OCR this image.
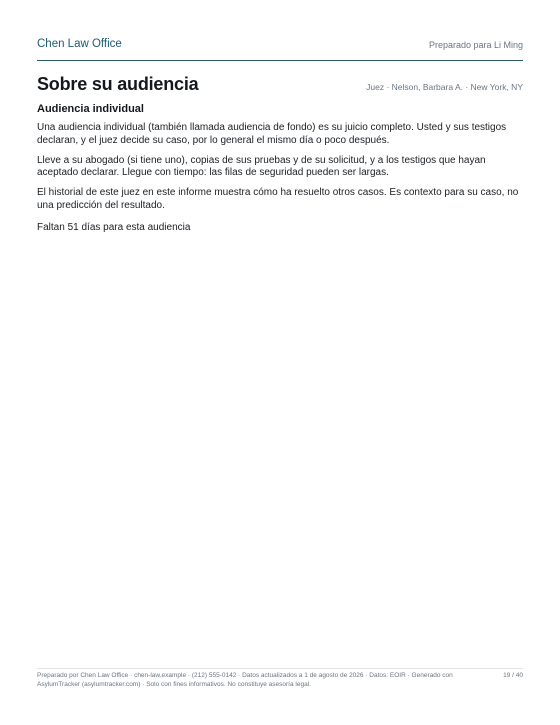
Chen Law Office	Preparado para Li Ming
Sobre su audiencia	Juez · Nelson, Barbara A. · New York, NY
Audiencia individual

Una audiencia individual (también llamada audiencia de fondo) es su juicio completo. Usted y sus testigos declaran, y el juez decide su caso, por lo general el mismo día o poco después.

Lleve a su abogado (si tiene uno), copias de sus pruebas y de su solicitud, y a los testigos que hayan aceptado declarar. Llegue con tiempo: las filas de seguridad pueden ser largas.

El historial de este juez en este informe muestra cómo ha resuelto otros casos. Es contexto para su caso, no una predicción del resultado.

Faltan 51 días para esta audiencia

Preparado por Chen Law Office · chen-law.example · (212) 555-0142 · Datos actualizados a 1 de agosto de 2026 · Datos: EOIR · Generado con AsylumTracker (asylumtracker.com) · Solo con fines informativos. No constituye asesoría legal.
19 / 40
